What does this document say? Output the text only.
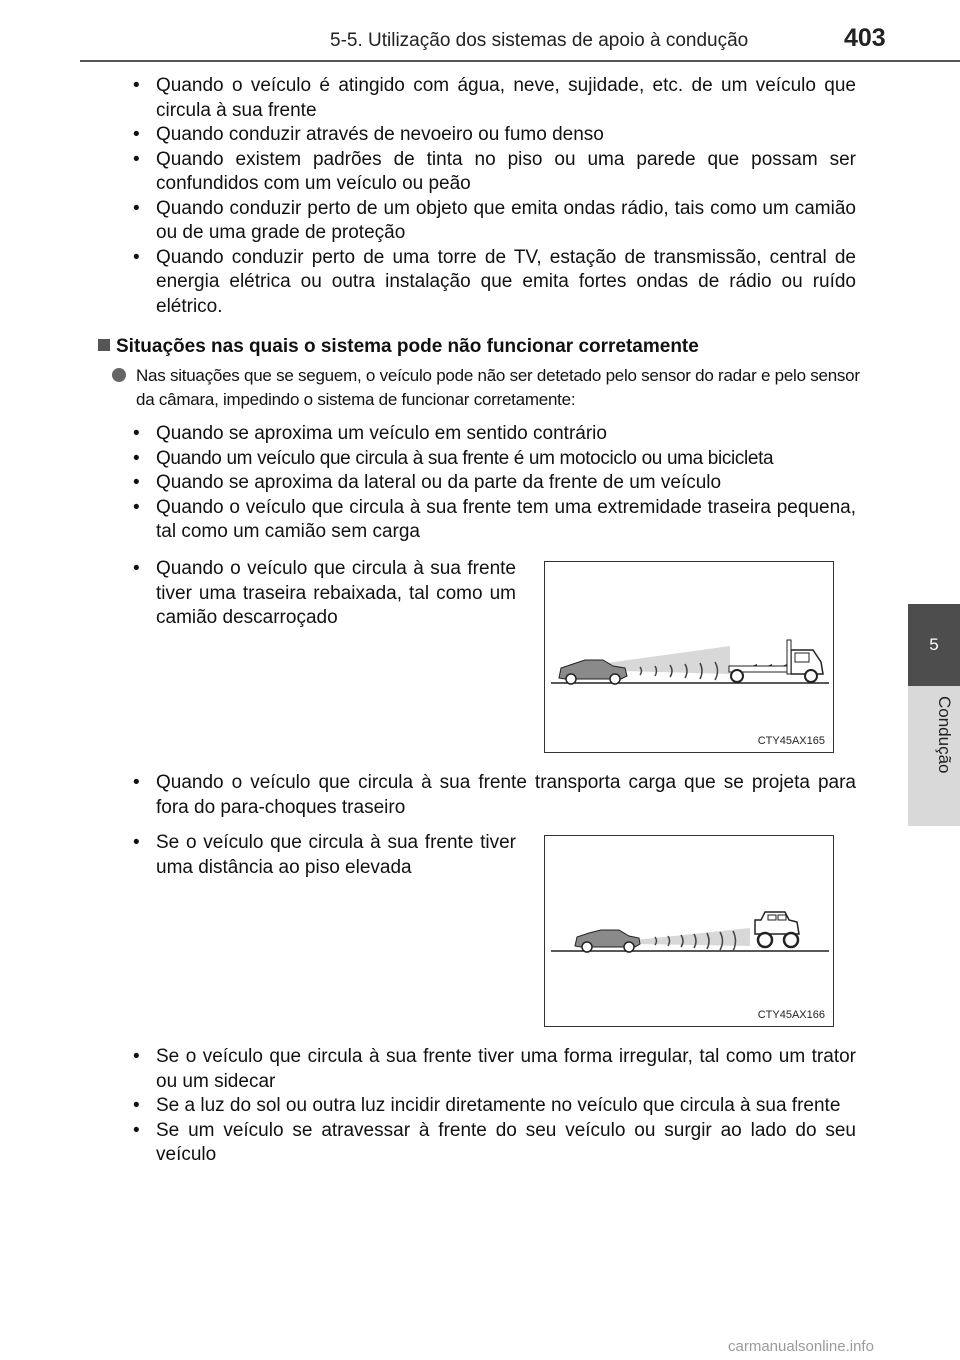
5-5. Utilização dos sistemas de apoio à condução	403
5
Condução
• Quando o veículo é atingido com água, neve, sujidade, etc. de um veículo que circula à sua frente
• Quando conduzir através de nevoeiro ou fumo denso
• Quando existem padrões de tinta no piso ou uma parede que possam ser confundidos com um veículo ou peão
• Quando conduzir perto de um objeto que emita ondas rádio, tais como um camião ou de uma grade de proteção
• Quando conduzir perto de uma torre de TV, estação de transmissão, central de energia elétrica ou outra instalação que emita fortes ondas de rádio ou ruído elétrico.
Situações nas quais o sistema pode não funcionar corretamente
Nas situações que se seguem, o veículo pode não ser detetado pelo sensor do radar e pelo sensor da câmara, impedindo o sistema de funcionar corretamente:
• Quando se aproxima um veículo em sentido contrário
• Quando um veículo que circula à sua frente é um motociclo ou uma bicicleta
• Quando se aproxima da lateral ou da parte da frente de um veículo
• Quando o veículo que circula à sua frente tem uma extremidade traseira pequena, tal como um camião sem carga
• Quando o veículo que circula à sua frente tiver uma traseira rebaixada, tal como um camião descarroçado
CTY45AX165
• Quando o veículo que circula à sua frente transporta carga que se projeta para fora do para-choques traseiro
• Se o veículo que circula à sua frente tiver uma distância ao piso elevada
CTY45AX166
• Se o veículo que circula à sua frente tiver uma forma irregular, tal como um trator ou um sidecar
• Se a luz do sol ou outra luz incidir diretamente no veículo que circula à sua frente
• Se um veículo se atravessar à frente do seu veículo ou surgir ao lado do seu veículo
carmanualsonline.info
